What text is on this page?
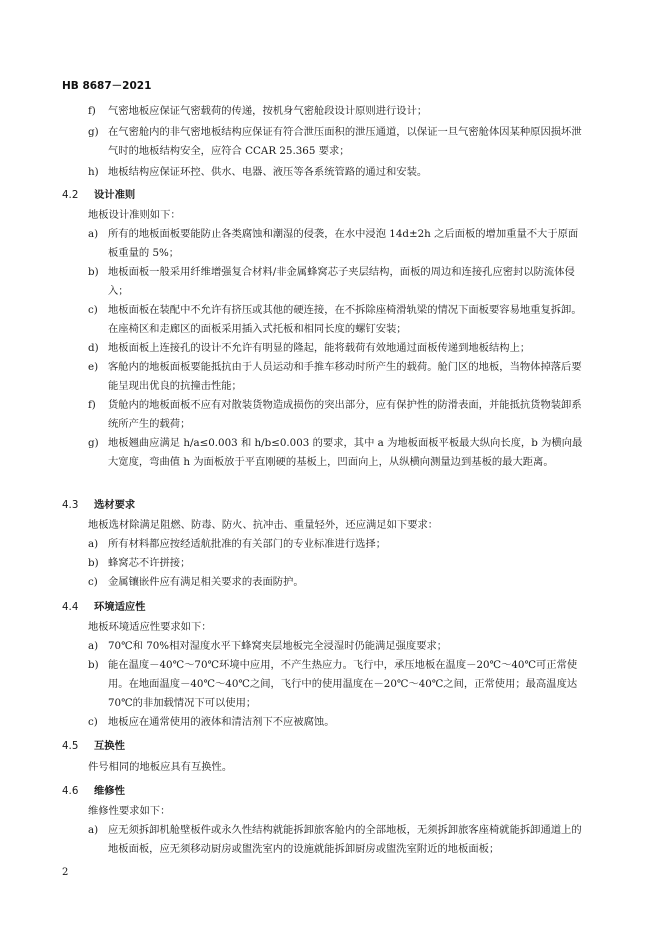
HB 8687－2021
f)	气密地板应保证气密载荷的传递，按机身气密舱段设计原则进行设计；
g) 在气密舱内的非气密地板结构应保证有符合泄压面积的泄压通道，以保证一旦气密舱体因某种原因损坏泄气时的地板结构安全，应符合 CCAR 25.365 要求；
h) 地板结构应保证环控、供水、电器、液压等各系统管路的通过和安装。
4.2 设计准则
地板设计准则如下：
a) 所有的地板面板要能防止各类腐蚀和潮湿的侵袭，在水中浸泡 14d±2h 之后面板的增加重量不大于原面板重量的 5%；
b) 地板面板一般采用纤维增强复合材料/非金属蜂窝芯子夹层结构，面板的周边和连接孔应密封以防流体侵入；
c) 地板面板在装配中不允许有挤压或其他的硬连接，在不拆除座椅滑轨梁的情况下面板要容易地重复拆卸。在座椅区和走廊区的面板采用插入式托板和相同长度的螺钉安装；
d) 地板面板上连接孔的设计不允许有明显的隆起，能将载荷有效地通过面板传递到地板结构上；
e) 客舱内的地板面板要能抵抗由于人员运动和手推车移动时所产生的载荷。舱门区的地板，当物体掉落后要能呈现出优良的抗撞击性能；
f)	货舱内的地板面板不应有对散装货物造成损伤的突出部分，应有保护性的防滑表面，并能抵抗货物装卸系统所产生的载荷；
g) 地板翘曲应满足 h/a≤0.003 和 h/b≤0.003 的要求，其中 a 为地板面板平板最大纵向长度，b 为横向最大宽度，弯曲值 h 为面板放于平直刚硬的基板上，凹面向上，从纵横向测量边到基板的最大距离。
4.3 选材要求
地板选材除满足阻燃、防毒、防火、抗冲击、重量轻外，还应满足如下要求：
a) 所有材料都应按经适航批准的有关部门的专业标准进行选择；
b) 蜂窝芯不许拼接；
c) 金属镶嵌件应有满足相关要求的表面防护。
4.4 环境适应性
地板环境适应性要求如下：
a) 70℃和 70%相对湿度水平下蜂窝夹层地板完全浸湿时仍能满足强度要求；
b) 能在温度－40℃～70℃环境中应用，不产生热应力。飞行中，承压地板在温度－20℃～40℃可正常使用。在地面温度－40℃～40℃之间，飞行中的使用温度在－20℃～40℃之间，正常使用；最高温度达 70℃的非加载情况下可以使用；
c) 地板应在通常使用的液体和清洁剂下不应被腐蚀。
4.5 互换性
件号相同的地板应具有互换性。
4.6 维修性
维修性要求如下：
a) 应无须拆卸机舱壁板件或永久性结构就能拆卸旅客舱内的全部地板，无须拆卸旅客座椅就能拆卸通道上的地板面板，应无须移动厨房或盥洗室内的设施就能拆卸厨房或盥洗室附近的地板面板；
2
